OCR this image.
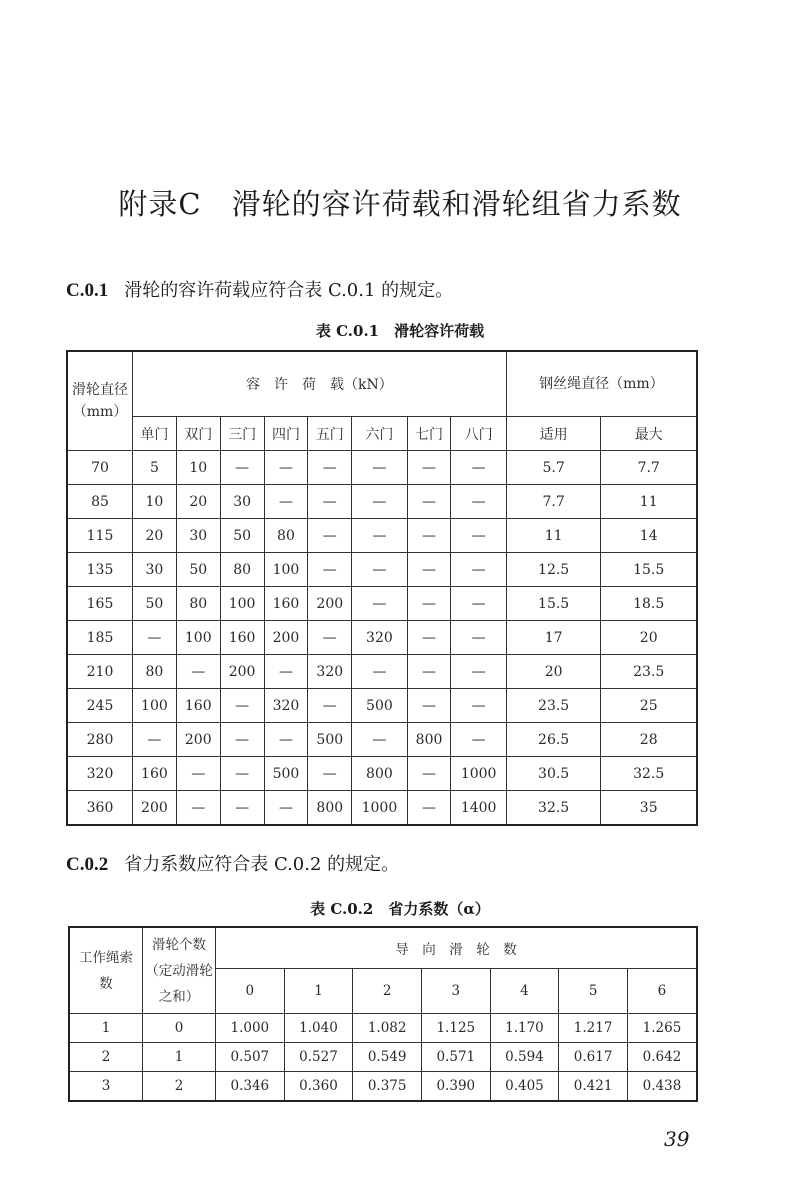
附录C　滑轮的容许荷载和滑轮组省力系数
C.0.1 滑轮的容许荷载应符合表 C.0.1 的规定。
表 C.0.1　滑轮容许荷载
滑轮直径（mm）	容　许　荷　载（kN）								钢丝绳直径（mm）	
	单门	双门	三门	四门	五门	六门	七门	八门	适用	最大
70	5	10	—	—	—	—	—	—	5.7	7.7
85	10	20	30	—	—	—	—	—	7.7	11
115	20	30	50	80	—	—	—	—	11	14
135	30	50	80	100	—	—	—	—	12.5	15.5
165	50	80	100	160	200	—	—	—	15.5	18.5
185	—	100	160	200	—	320	—	—	17	20
210	80	—	200	—	320	—	—	—	20	23.5
245	100	160	—	320	—	500	—	—	23.5	25
280	—	200	—	—	500	—	800	—	26.5	28
320	160	—	—	500	—	800	—	1000	30.5	32.5
360	200	—	—	—	800	1000	—	1400	32.5	35
C.0.2 省力系数应符合表 C.0.2 的规定。
表 C.0.2　省力系数（α）
工作绳索　数	滑轮个数（定动滑轮之和）	导　向　滑　轮　数						
		0	1	2	3	4	5	6
1	0	1.000	1.040	1.082	1.125	1.170	1.217	1.265
2	1	0.507	0.527	0.549	0.571	0.594	0.617	0.642
3	2	0.346	0.360	0.375	0.390	0.405	0.421	0.438
39
